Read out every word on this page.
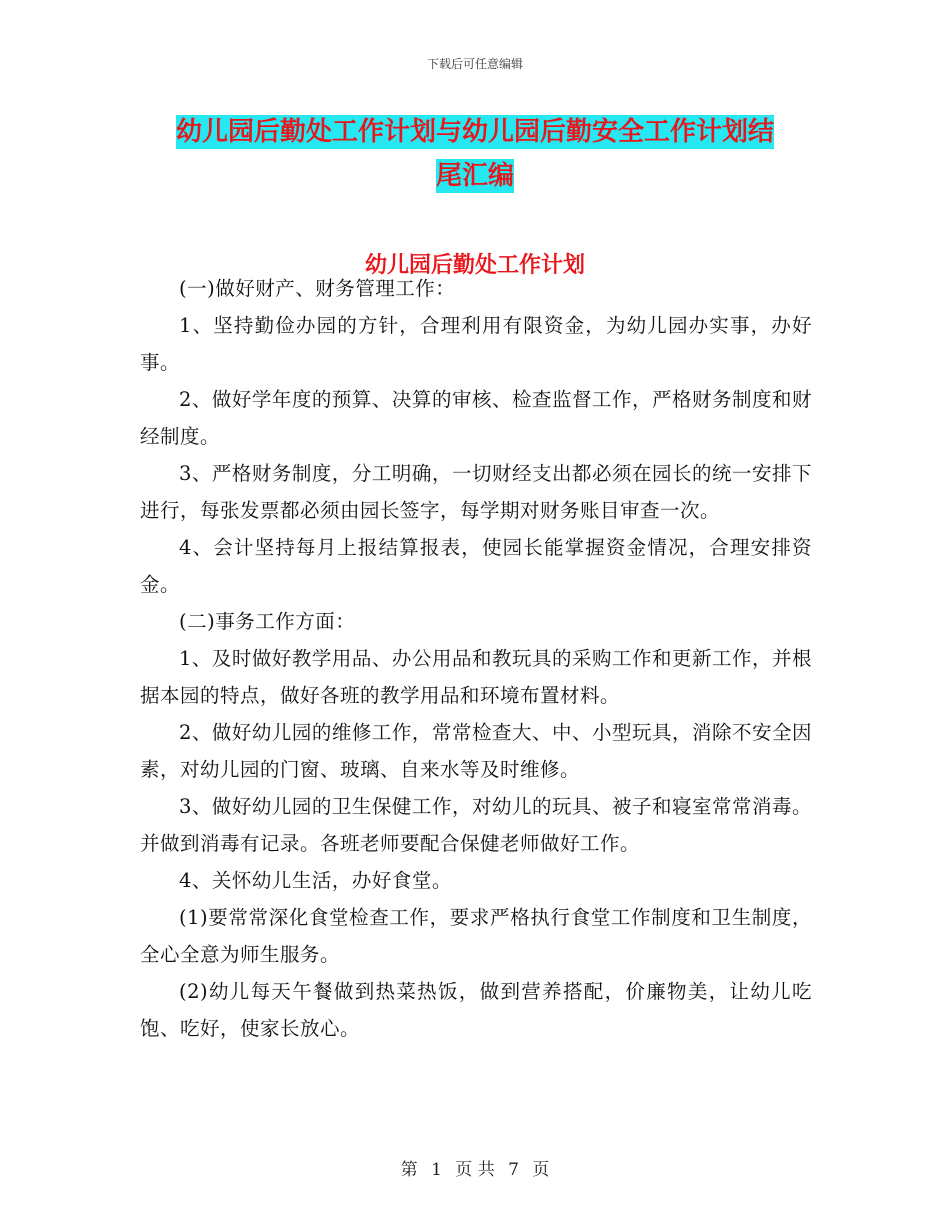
下载后可任意编辑
幼儿园后勤处工作计划与幼儿园后勤安全工作计划结
尾汇编
幼儿园后勤处工作计划

(一)做好财产、财务管理工作：

1、坚持勤俭办园的方针，合理利用有限资金，为幼儿园办实事，办好事。

2、做好学年度的预算、决算的审核、检查监督工作，严格财务制度和财经制度。

3、严格财务制度，分工明确，一切财经支出都必须在园长的统一安排下进行，每张发票都必须由园长签字，每学期对财务账目审查一次。

4、会计坚持每月上报结算报表，使园长能掌握资金情况，合理安排资金。

(二)事务工作方面：

1、及时做好教学用品、办公用品和教玩具的采购工作和更新工作，并根据本园的特点，做好各班的教学用品和环境布置材料。

2、做好幼儿园的维修工作，常常检查大、中、小型玩具，消除不安全因素，对幼儿园的门窗、玻璃、自来水等及时维修。

3、做好幼儿园的卫生保健工作，对幼儿的玩具、被子和寝室常常消毒。并做到消毒有记录。各班老师要配合保健老师做好工作。

4、关怀幼儿生活，办好食堂。

(1)要常常深化食堂检查工作，要求严格执行食堂工作制度和卫生制度，全心全意为师生服务。

(2)幼儿每天午餐做到热菜热饭，做到营养搭配，价廉物美，让幼儿吃饱、吃好，使家长放心。

第 1 页 共 7 页
